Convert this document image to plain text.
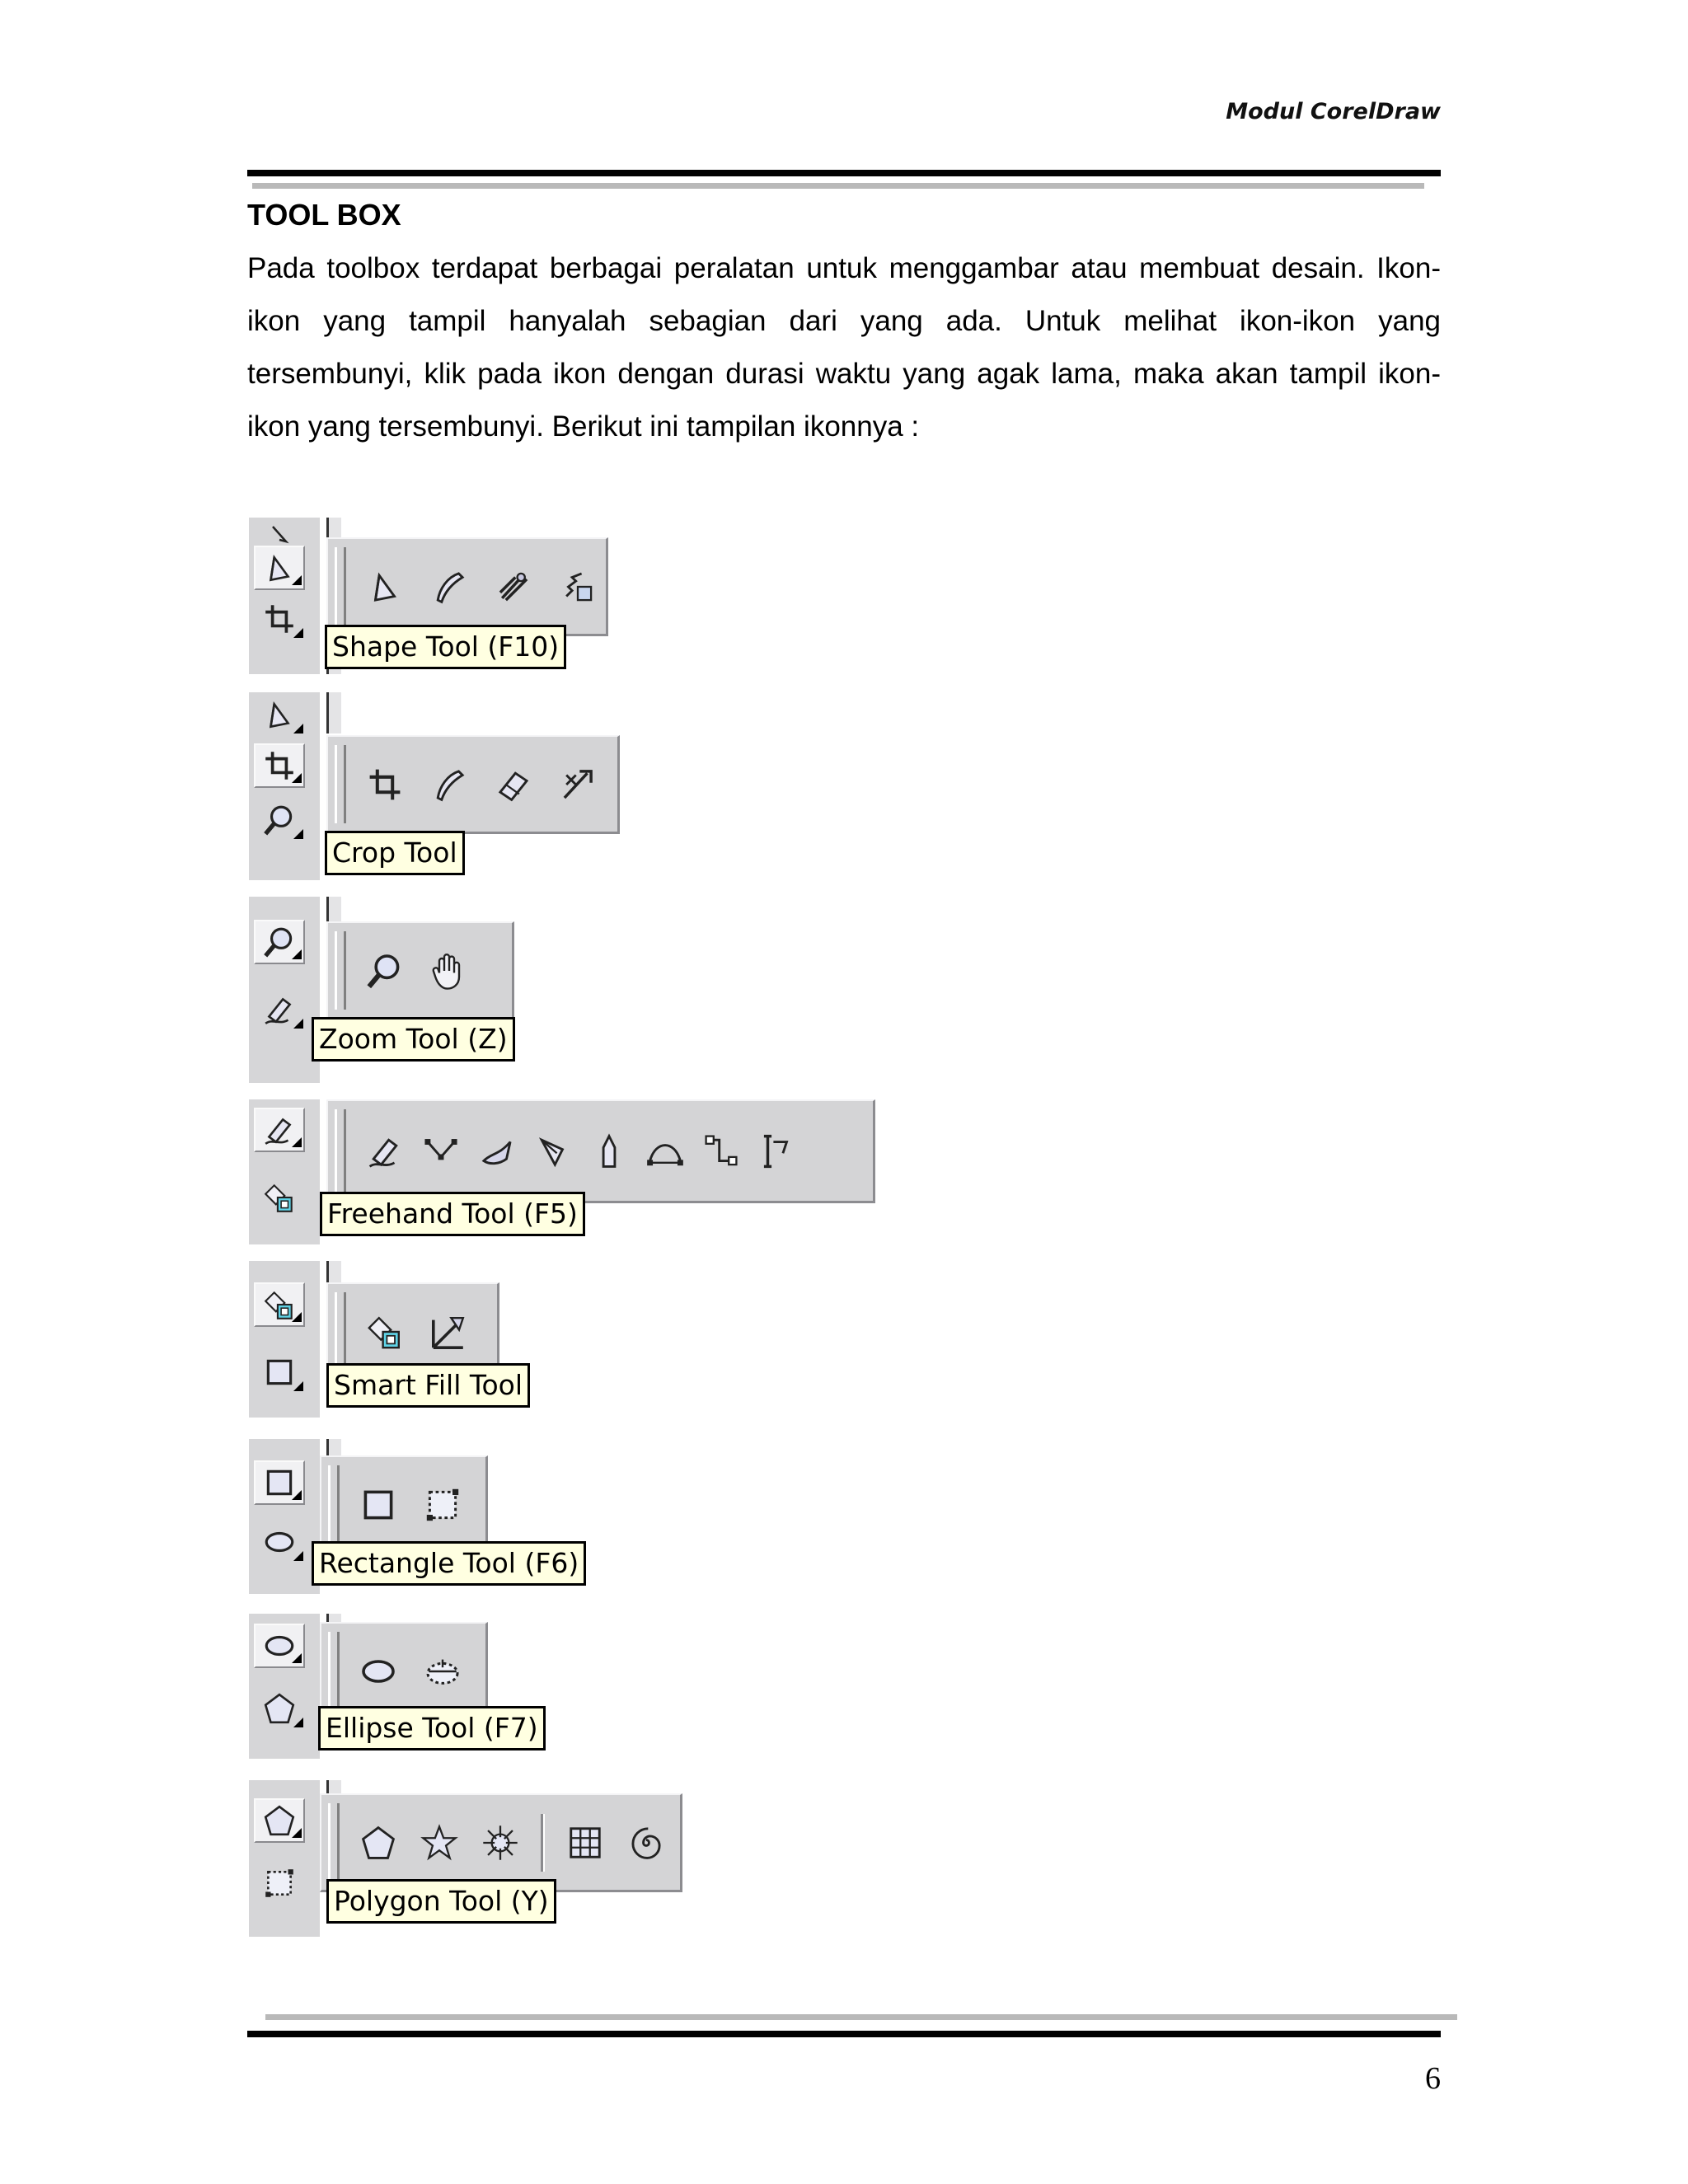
Modul CorelDraw
TOOL BOX
Pada toolbox terdapat berbagai peralatan untuk menggambar atau membuat desain. Ikon-ikon yang tampil hanyalah sebagian dari yang ada. Untuk melihat ikon-ikon yang tersembunyi, klik pada ikon dengan durasi waktu yang agak lama, maka akan tampil ikon-ikon yang tersembunyi. Berikut ini tampilan ikonnya :
Shape Tool (F10)
Crop Tool
Zoom Tool (Z)
Freehand Tool (F5)
Smart Fill Tool
Rectangle Tool (F6)
Ellipse Tool (F7)
Polygon Tool (Y)
6
